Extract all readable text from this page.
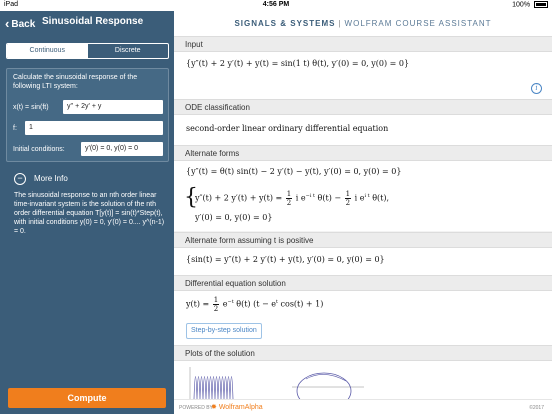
iPad	4:56 PM	100%
‹ Back Sinusoidal Response
Continuous	Discrete
Calculate the sinusoidal response of the following LTI system:
x(t) = sin(ft)	y'' + 2y' + y
f:	1
Initial conditions:	y'(0) = 0, y(0) = 0
− More Info
The sinusoidal response to an nth order linear time-invariant system is the solution of the nth order differential equation T[y(t)] = sin(t)*Step(t), with initial conditions y(0) = 0, y'(0) = 0.... y^(n-1) = 0.
Compute
SIGNALS & SYSTEMS | WOLFRAM COURSE ASSISTANT
Input
{y″(t) + 2 y′(t) + y(t) = sin(1 t) θ(t), y′(0) = 0, y(0) = 0}
i
ODE classification
second-order linear ordinary differential equation
Alternate forms
{y″(t) = θ(t) sin(t) − 2 y′(t) − y(t), y′(0) = 0, y(0) = 0}
{
y″(t) + 2 $y'(t) + y(t) = \frac{1}{2}$ i $e^{-i t}$ $\theta(t) - \frac{1}{2}$ i $e^{i t}$ θ(t),
y′(0) = 0, y(0) = 0}
Alternate form assuming t is positive
{sin(t) = y″(t) + 2 y′(t) + y(t), y′(0) = 0, y(0) = 0}
Differential equation solution
$y(t) = \frac{1}{2} e^{-t}$ θ(t) ($t - e^t$ cos(t) + 1)
Step-by-step solution
Plots of the solution
POWERED BY
✸ WolframAlpha	©2017
